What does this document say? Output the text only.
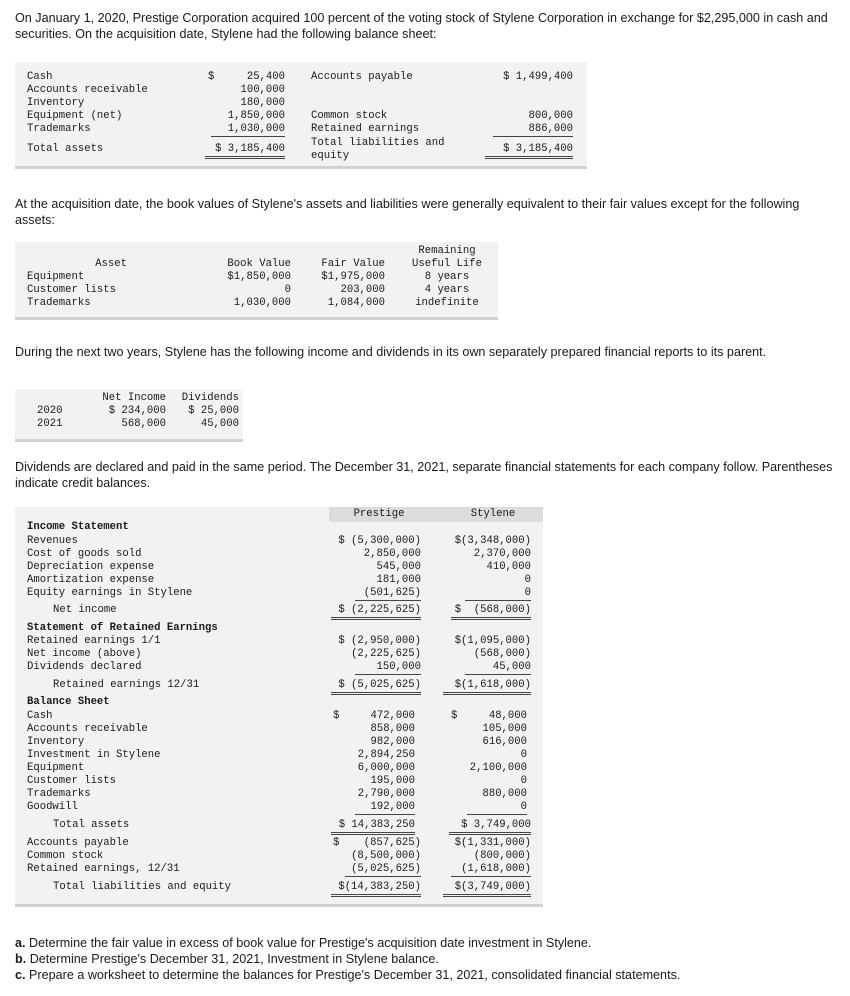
On January 1, 2020, Prestige Corporation acquired 100 percent of the voting stock of Stylene Corporation in exchange for $2,295,000 in cash and securities. On the acquisition date, Stylene had the following balance sheet:
Cash	$	25,400
Accounts receivable	100,000
Inventory	180,000
Equipment (net)	1,850,000
Trademarks	1,030,000
Total assets	$ 3,185,400
Accounts payable	$ 1,499,400
Common stock	800,000
Retained earnings	886,000
Total liabilities and equity
$ 3,185,400
At the acquisition date, the book values of Stylene's assets and liabilities were generally equivalent to their fair values except for the following assets:
Asset	Book Value	Fair Value
Remaining
Useful Life
Equipment	$1,850,000	$1,975,000	8 years
Customer lists	0	203,000	4 years
Trademarks	1,030,000	1,084,000	indefinite
During the next two years, Stylene has the following income and dividends in its own separately prepared financial reports to its parent.
Net Income	Dividends
2020	$ 234,000	$ 25,000
2021	568,000	45,000
Dividends are declared and paid in the same period. The December 31, 2021, separate financial statements for each company follow. Parentheses indicate credit balances.
Prestige	Stylene
Income Statement
Revenues	$ (5,300,000)	$(3,348,000)
Cost of goods sold	2,850,000	2,370,000
Depreciation expense	545,000	410,000
Amortization expense	181,000	0
Equity earnings in Stylene	(501,625)	0
Net income	$ (2,225,625)	$  (568,000)
Statement of Retained Earnings
Retained earnings 1/1	$ (2,950,000)	$(1,095,000)
Net income (above)	(2,225,625)	(568,000)
Dividends declared	150,000	45,000
Retained earnings 12/31	$ (5,025,625)	$(1,618,000)
Balance Sheet
Cash	$	472,000	$	48,000
Accounts receivable	858,000	105,000
Inventory	982,000	616,000
Investment in Stylene	2,894,250	0
Equipment	6,000,000	2,100,000
Customer lists	195,000	0
Trademarks	2,790,000	880,000
Goodwill	192,000	0
Total assets	$ 14,383,250	$ 3,749,000
Accounts payable	$	(857,625)	$(1,331,000)
Common stock	(8,500,000)	(800,000)
Retained earnings, 12/31	(5,025,625)	(1,618,000)
Total liabilities and equity	$(14,383,250)	$(3,749,000)
a. Determine the fair value in excess of book value for Prestige's acquisition date investment in Stylene.
b. Determine Prestige's December 31, 2021, Investment in Stylene balance.
c. Prepare a worksheet to determine the balances for Prestige's December 31, 2021, consolidated financial statements.
